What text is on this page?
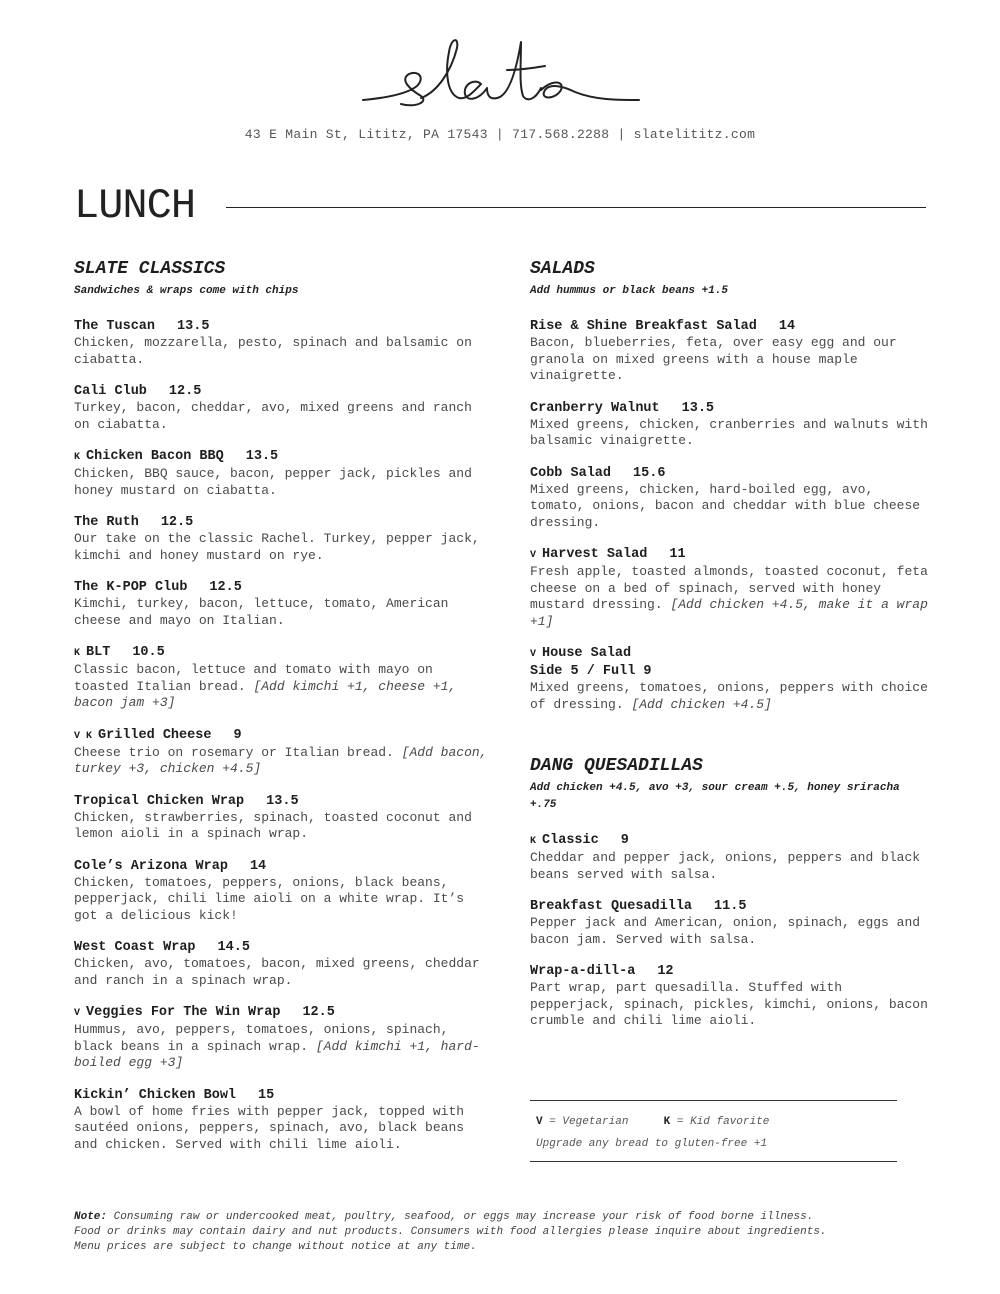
43 E Main St, Lititz, PA 17543 | 717.568.2288 | slatelititz.com
LUNCH
SLATE CLASSICS
Sandwiches & wraps come with chips
The Tuscan 13.5
Chicken, mozzarella, pesto, spinach and balsamic on ciabatta.
Cali Club 12.5
Turkey, bacon, cheddar, avo, mixed greens and ranch on ciabatta.
K Chicken Bacon BBQ 13.5
Chicken, BBQ sauce, bacon, pepper jack, pickles and honey mustard on ciabatta.
The Ruth 12.5
Our take on the classic Rachel. Turkey, pepper jack, kimchi and honey mustard on rye.
The K-POP Club 12.5
Kimchi, turkey, bacon, lettuce, tomato, American cheese and mayo on Italian.
K BLT 10.5
Classic bacon, lettuce and tomato with mayo on toasted Italian bread. [Add kimchi +1, cheese +1, bacon jam +3]
V K Grilled Cheese 9
Cheese trio on rosemary or Italian bread. [Add bacon, turkey +3, chicken +4.5]
Tropical Chicken Wrap 13.5
Chicken, strawberries, spinach, toasted coconut and lemon aioli in a spinach wrap.
Cole’s Arizona Wrap 14
Chicken, tomatoes, peppers, onions, black beans, pepperjack, chili lime aioli on a white wrap. It’s got a delicious kick!
West Coast Wrap 14.5
Chicken, avo, tomatoes, bacon, mixed greens, cheddar and ranch in a spinach wrap.
V Veggies For The Win Wrap 12.5
Hummus, avo, peppers, tomatoes, onions, spinach, black beans in a spinach wrap. [Add kimchi +1, hard-boiled egg +3]
Kickin’ Chicken Bowl 15
A bowl of home fries with pepper jack, topped with sautéed onions, peppers, spinach, avo, black beans and chicken. Served with chili lime aioli.
SALADS
Add hummus or black beans +1.5
Rise & Shine Breakfast Salad 14
Bacon, blueberries, feta, over easy egg and our granola on mixed greens with a house maple vinaigrette.
Cranberry Walnut 13.5
Mixed greens, chicken, cranberries and walnuts with balsamic vinaigrette.
Cobb Salad 15.6
Mixed greens, chicken, hard-boiled egg, avo, tomato, onions, bacon and cheddar with blue cheese dressing.
V Harvest Salad 11
Fresh apple, toasted almonds, toasted coconut, feta cheese on a bed of spinach, served with honey mustard dressing. [Add chicken +4.5, make it a wrap +1]
V House Salad
Side 5 / Full 9
Mixed greens, tomatoes, onions, peppers with choice of dressing. [Add chicken +4.5]
DANG QUESADILLAS
Add chicken +4.5, avo +3, sour cream +.5, honey sriracha +.75
K Classic 9
Cheddar and pepper jack, onions, peppers and black beans served with salsa.
Breakfast Quesadilla 11.5
Pepper jack and American, onion, spinach, eggs and bacon jam. Served with salsa.
Wrap-a-dill-a 12
Part wrap, part quesadilla. Stuffed with pepperjack, spinach, pickles, kimchi, onions, bacon crumble and chili lime aioli.
V = Vegetarian	K = Kid favorite
Upgrade any bread to gluten-free +1
Note: Consuming raw or undercooked meat, poultry, seafood, or eggs may increase your risk of food borne illness.
Food or drinks may contain dairy and nut products. Consumers with food allergies please inquire about ingredients.
Menu prices are subject to change without notice at any time.
